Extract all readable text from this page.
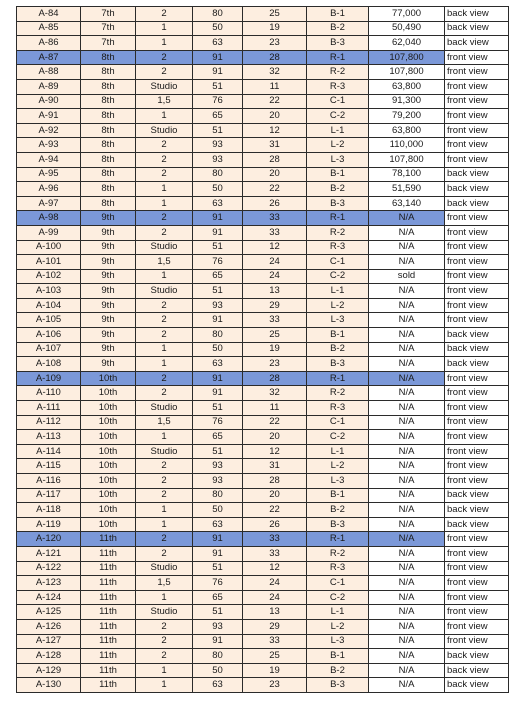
A-84	7th	2	80	25	B-1	77,000	back view
A-85	7th	1	50	19	B-2	50,490	back view
A-86	7th	1	63	23	B-3	62,040	back view
A-87	8th	2	91	28	R-1	107,800	front view
A-88	8th	2	91	32	R-2	107,800	front view
A-89	8th	Studio	51	11	R-3	63,800	front view
A-90	8th	1,5	76	22	C-1	91,300	front view
A-91	8th	1	65	20	C-2	79,200	front view
A-92	8th	Studio	51	12	L-1	63,800	front view
A-93	8th	2	93	31	L-2	110,000	front view
A-94	8th	2	93	28	L-3	107,800	front view
A-95	8th	2	80	20	B-1	78,100	back view
A-96	8th	1	50	22	B-2	51,590	back view
A-97	8th	1	63	26	B-3	63,140	back view
A-98	9th	2	91	33	R-1	N/A	front view
A-99	9th	2	91	33	R-2	N/A	front view
A-100	9th	Studio	51	12	R-3	N/A	front view
A-101	9th	1,5	76	24	C-1	N/A	front view
A-102	9th	1	65	24	C-2	sold	front view
A-103	9th	Studio	51	13	L-1	N/A	front view
A-104	9th	2	93	29	L-2	N/A	front view
A-105	9th	2	91	33	L-3	N/A	front view
A-106	9th	2	80	25	B-1	N/A	back view
A-107	9th	1	50	19	B-2	N/A	back view
A-108	9th	1	63	23	B-3	N/A	back view
A-109	10th	2	91	28	R-1	N/A	front view
A-110	10th	2	91	32	R-2	N/A	front view
A-111	10th	Studio	51	11	R-3	N/A	front view
A-112	10th	1,5	76	22	C-1	N/A	front view
A-113	10th	1	65	20	C-2	N/A	front view
A-114	10th	Studio	51	12	L-1	N/A	front view
A-115	10th	2	93	31	L-2	N/A	front view
A-116	10th	2	93	28	L-3	N/A	front view
A-117	10th	2	80	20	B-1	N/A	back view
A-118	10th	1	50	22	B-2	N/A	back view
A-119	10th	1	63	26	B-3	N/A	back view
A-120	11th	2	91	33	R-1	N/A	front view
A-121	11th	2	91	33	R-2	N/A	front view
A-122	11th	Studio	51	12	R-3	N/A	front view
A-123	11th	1,5	76	24	C-1	N/A	front view
A-124	11th	1	65	24	C-2	N/A	front view
A-125	11th	Studio	51	13	L-1	N/A	front view
A-126	11th	2	93	29	L-2	N/A	front view
A-127	11th	2	91	33	L-3	N/A	front view
A-128	11th	2	80	25	B-1	N/A	back view
A-129	11th	1	50	19	B-2	N/A	back view
A-130	11th	1	63	23	B-3	N/A	back view
